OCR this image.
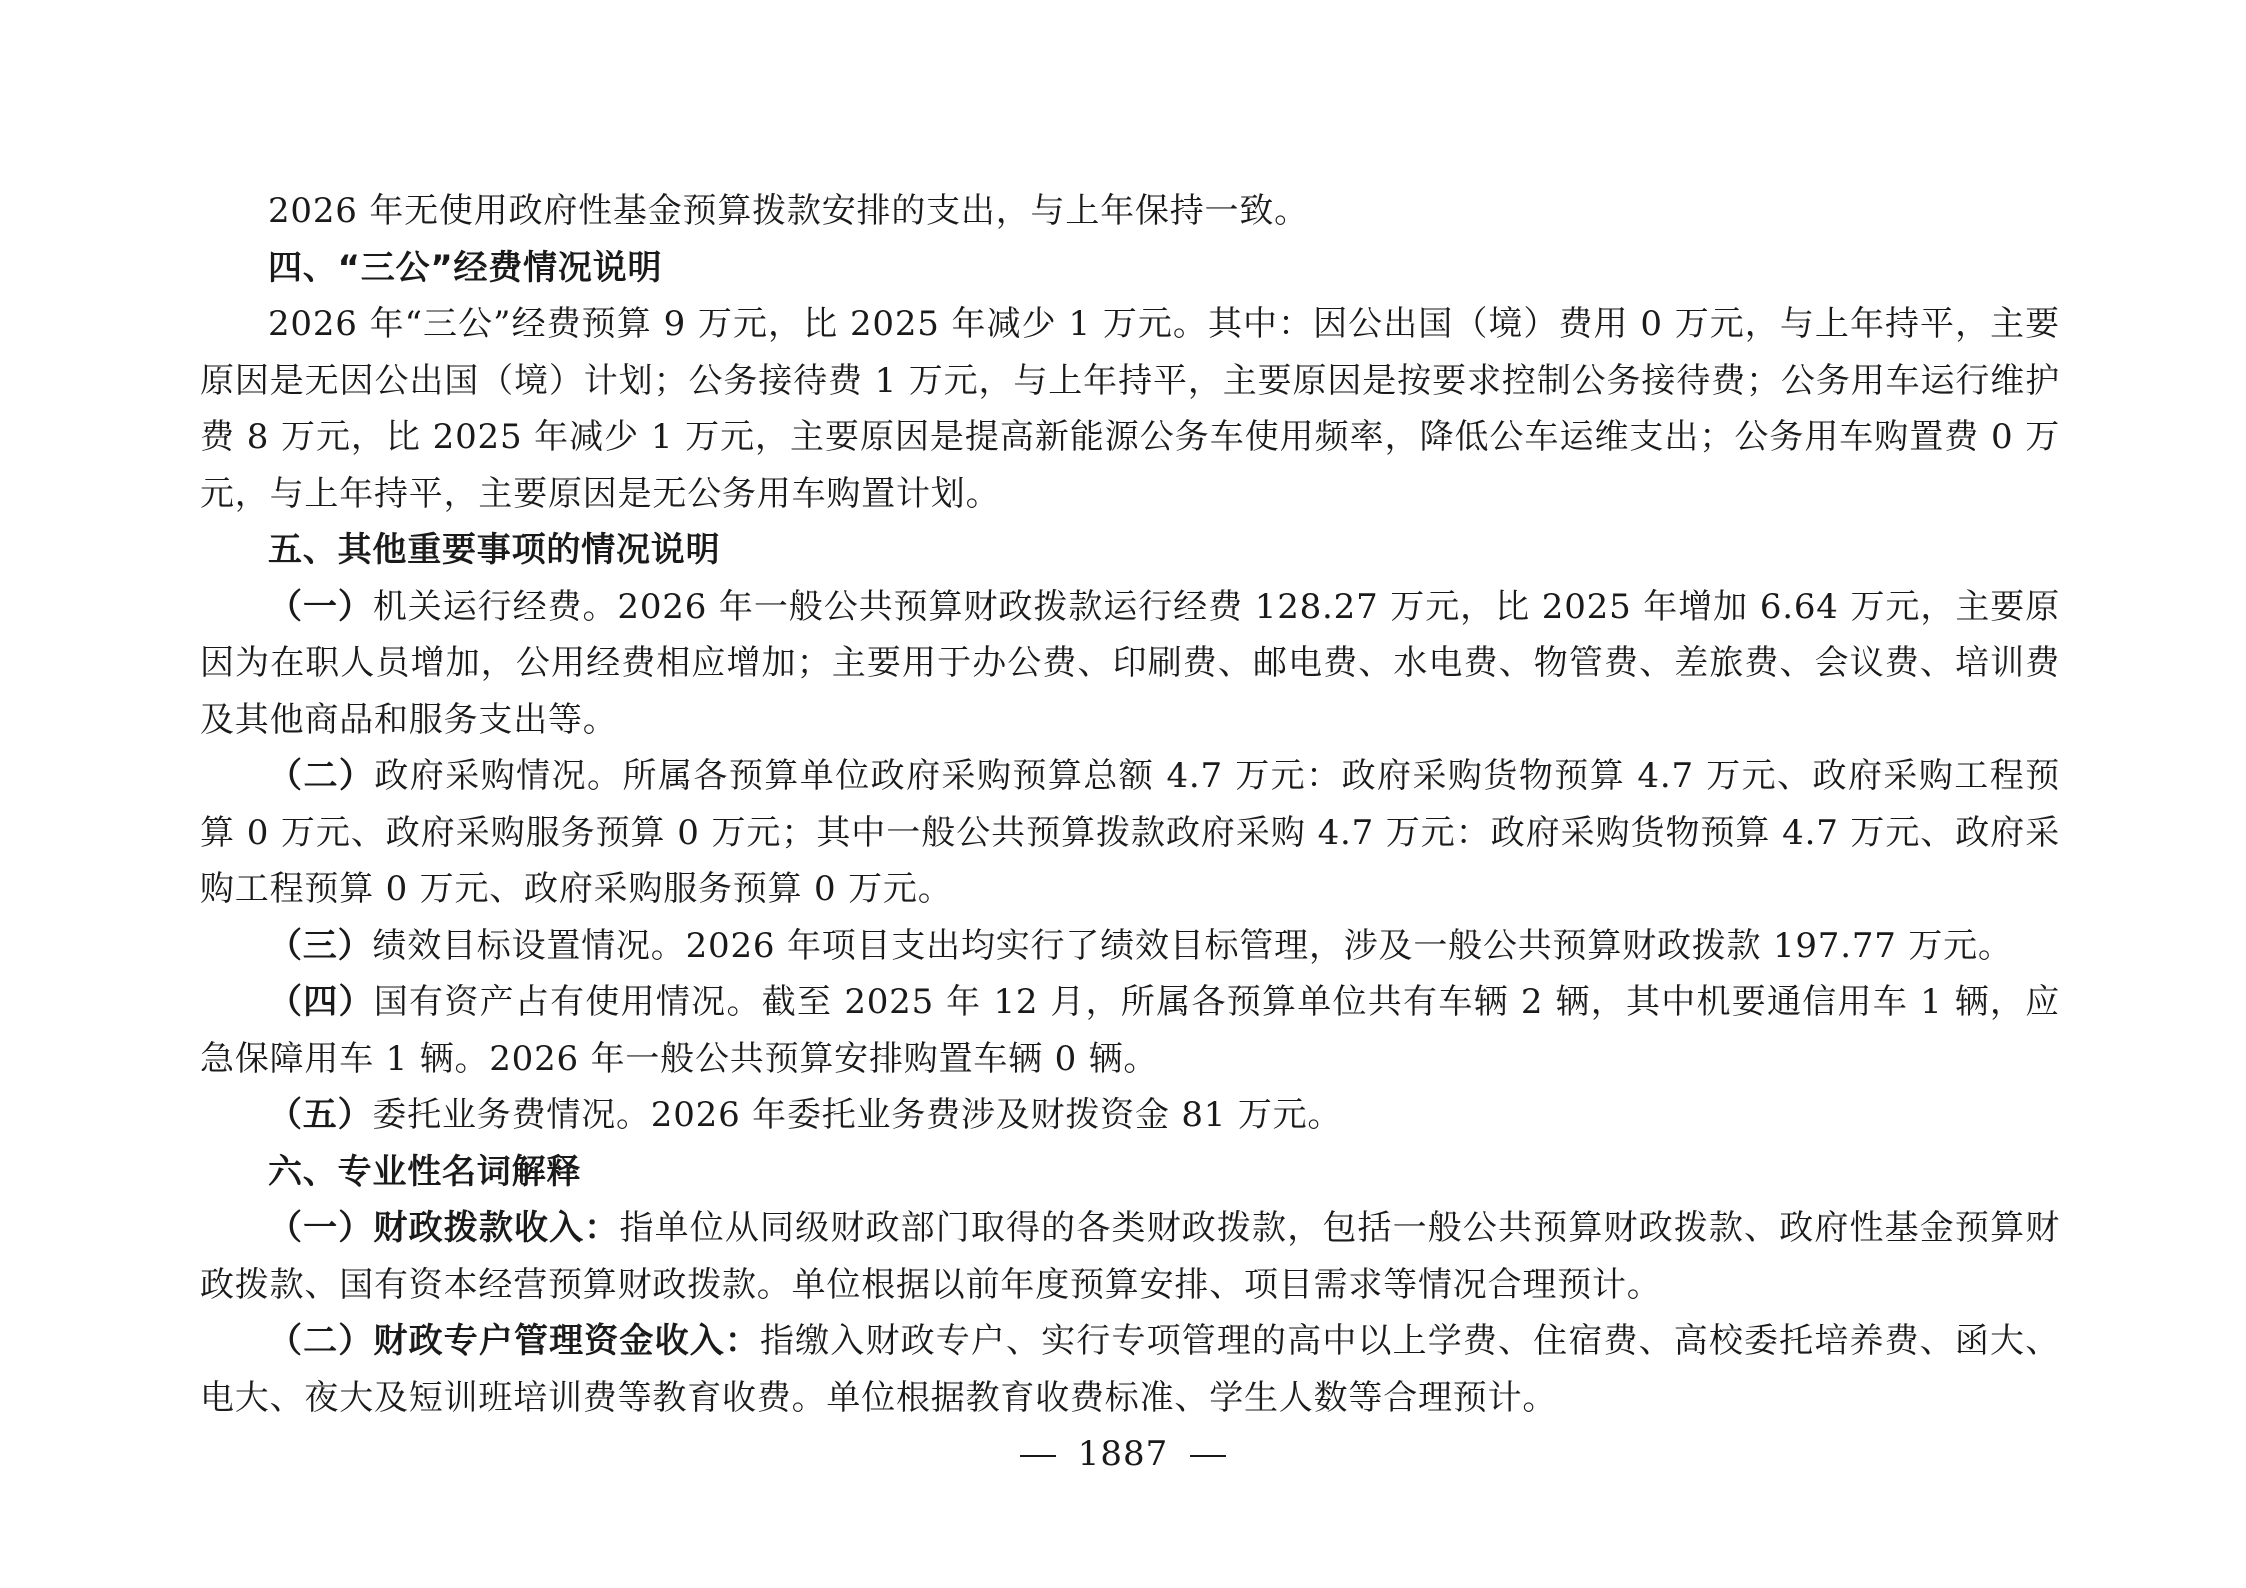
2026 年无使用政府性基金预算拨款安排的支出，与上年保持一致。

四、“三公”经费情况说明

2026 年“三公”经费预算 9 万元，比 2025 年减少 1 万元。其中：因公出国（境）费用 0 万元，与上年持平，主要原因是无因公出国（境）计划；公务接待费 1 万元，与上年持平，主要原因是按要求控制公务接待费；公务用车运行维护费 8 万元，比 2025 年减少 1 万元，主要原因是提高新能源公务车使用频率，降低公车运维支出；公务用车购置费 0 万元，与上年持平，主要原因是无公务用车购置计划。

五、其他重要事项的情况说明

（一）机关运行经费。2026 年一般公共预算财政拨款运行经费 128.27 万元，比 2025 年增加 6.64 万元，主要原因为在职人员增加，公用经费相应增加；主要用于办公费、印刷费、邮电费、水电费、物管费、差旅费、会议费、培训费及其他商品和服务支出等。

（二）政府采购情况。所属各预算单位政府采购预算总额 4.7 万元：政府采购货物预算 4.7 万元、政府采购工程预算 0 万元、政府采购服务预算 0 万元；其中一般公共预算拨款政府采购 4.7 万元：政府采购货物预算 4.7 万元、政府采购工程预算 0 万元、政府采购服务预算 0 万元。

（三）绩效目标设置情况。2026 年项目支出均实行了绩效目标管理，涉及一般公共预算财政拨款 197.77 万元。

（四）国有资产占有使用情况。截至 2025 年 12 月，所属各预算单位共有车辆 2 辆，其中机要通信用车 1 辆，应急保障用车 1 辆。2026 年一般公共预算安排购置车辆 0 辆。

（五）委托业务费情况。2026 年委托业务费涉及财拨资金 81 万元。

六、专业性名词解释

（一）财政拨款收入：指单位从同级财政部门取得的各类财政拨款，包括一般公共预算财政拨款、政府性基金预算财政拨款、国有资本经营预算财政拨款。单位根据以前年度预算安排、项目需求等情况合理预计。

（二）财政专户管理资金收入：指缴入财政专户、实行专项管理的高中以上学费、住宿费、高校委托培养费、函大、电大、夜大及短训班培训费等教育收费。单位根据教育收费标准、学生人数等合理预计。

1887
